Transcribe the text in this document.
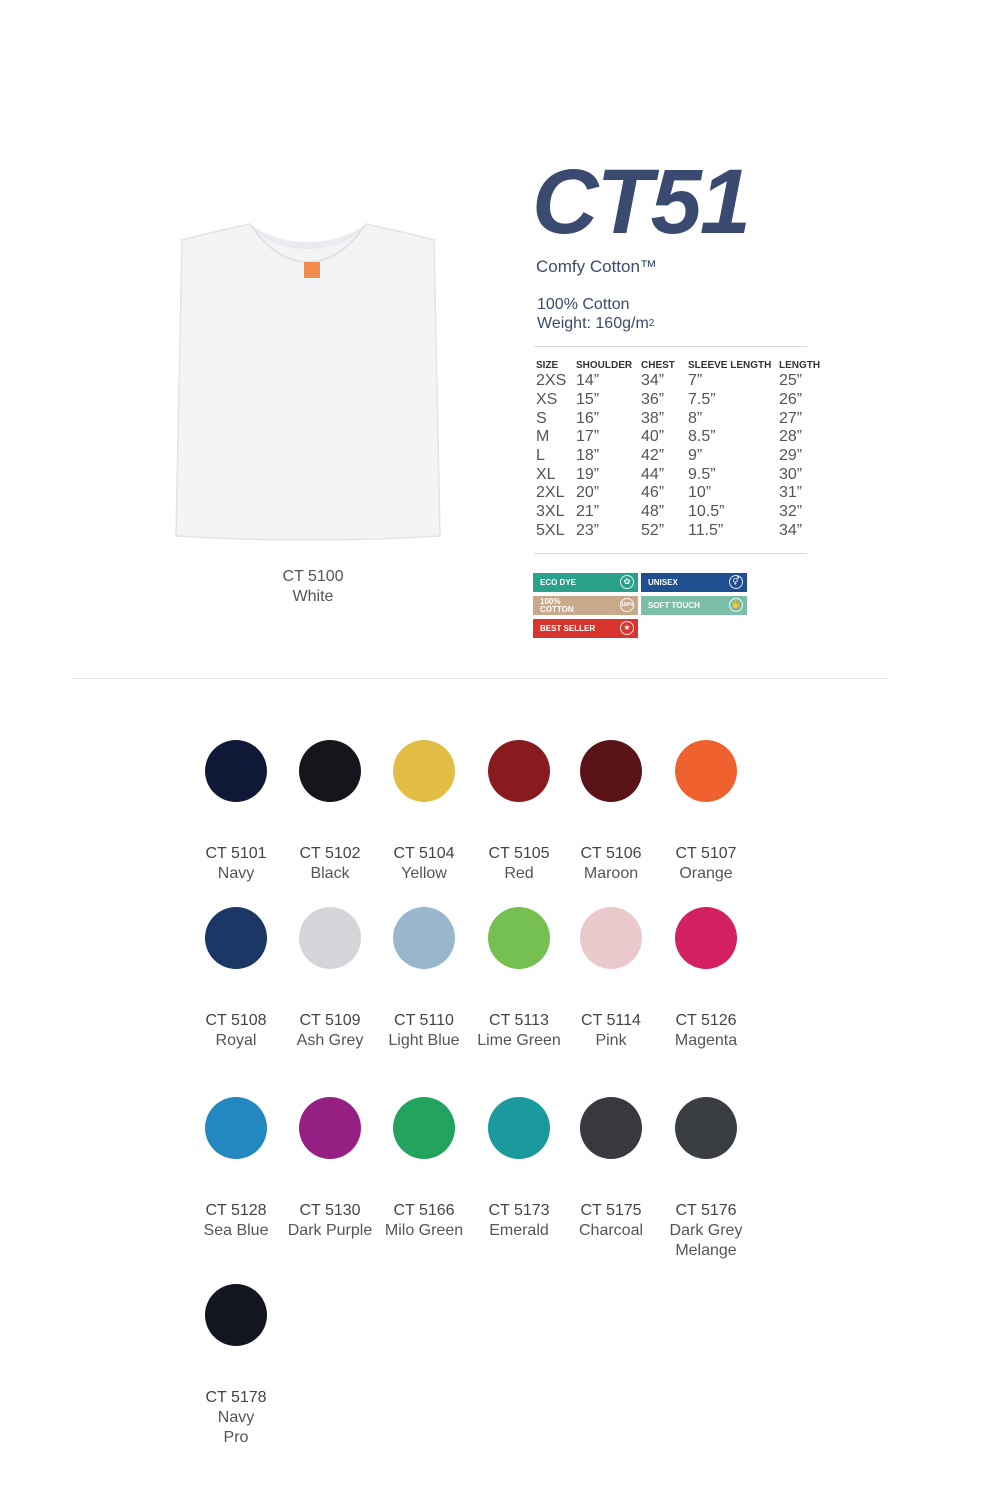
CT 5100
White
CT51
Comfy Cotton™
100% Cotton
Weight: $160g/m^2$
SIZE	SHOULDER	CHEST	SLEEVE LENGTH	LENGTH
2XS	14”	34”	7”	25”
XS	15”	36”	7.5”	26”
S	16”	38”	8”	27”
M	17”	40”	8.5”	28”
L	18”	42”	9”	29”
XL	19”	44”	9.5”	30”
2XL	20”	46”	10”	31”
3XL	21”	48”	10.5”	32”
5XL	23”	52”	11.5”	34”
ECO DYE	✿	UNISEX	⚥
100%
COTTON	100%	SOFT TOUCH	✋
BEST SELLER	★
CT 5101
Navy
CT 5102
Black
CT 5104
Yellow
CT 5105
Red
CT 5106
Maroon
CT 5107
Orange
CT 5108
Royal
CT 5109
Ash Grey
CT 5110
Light Blue
CT 5113
Lime Green
CT 5114
Pink
CT 5126
Magenta
CT 5128
Sea Blue
CT 5130
Dark Purple
CT 5166
Milo Green
CT 5173
Emerald
CT 5175
Charcoal
CT 5176
Dark Grey Melange
CT 5178
Navy Pro
